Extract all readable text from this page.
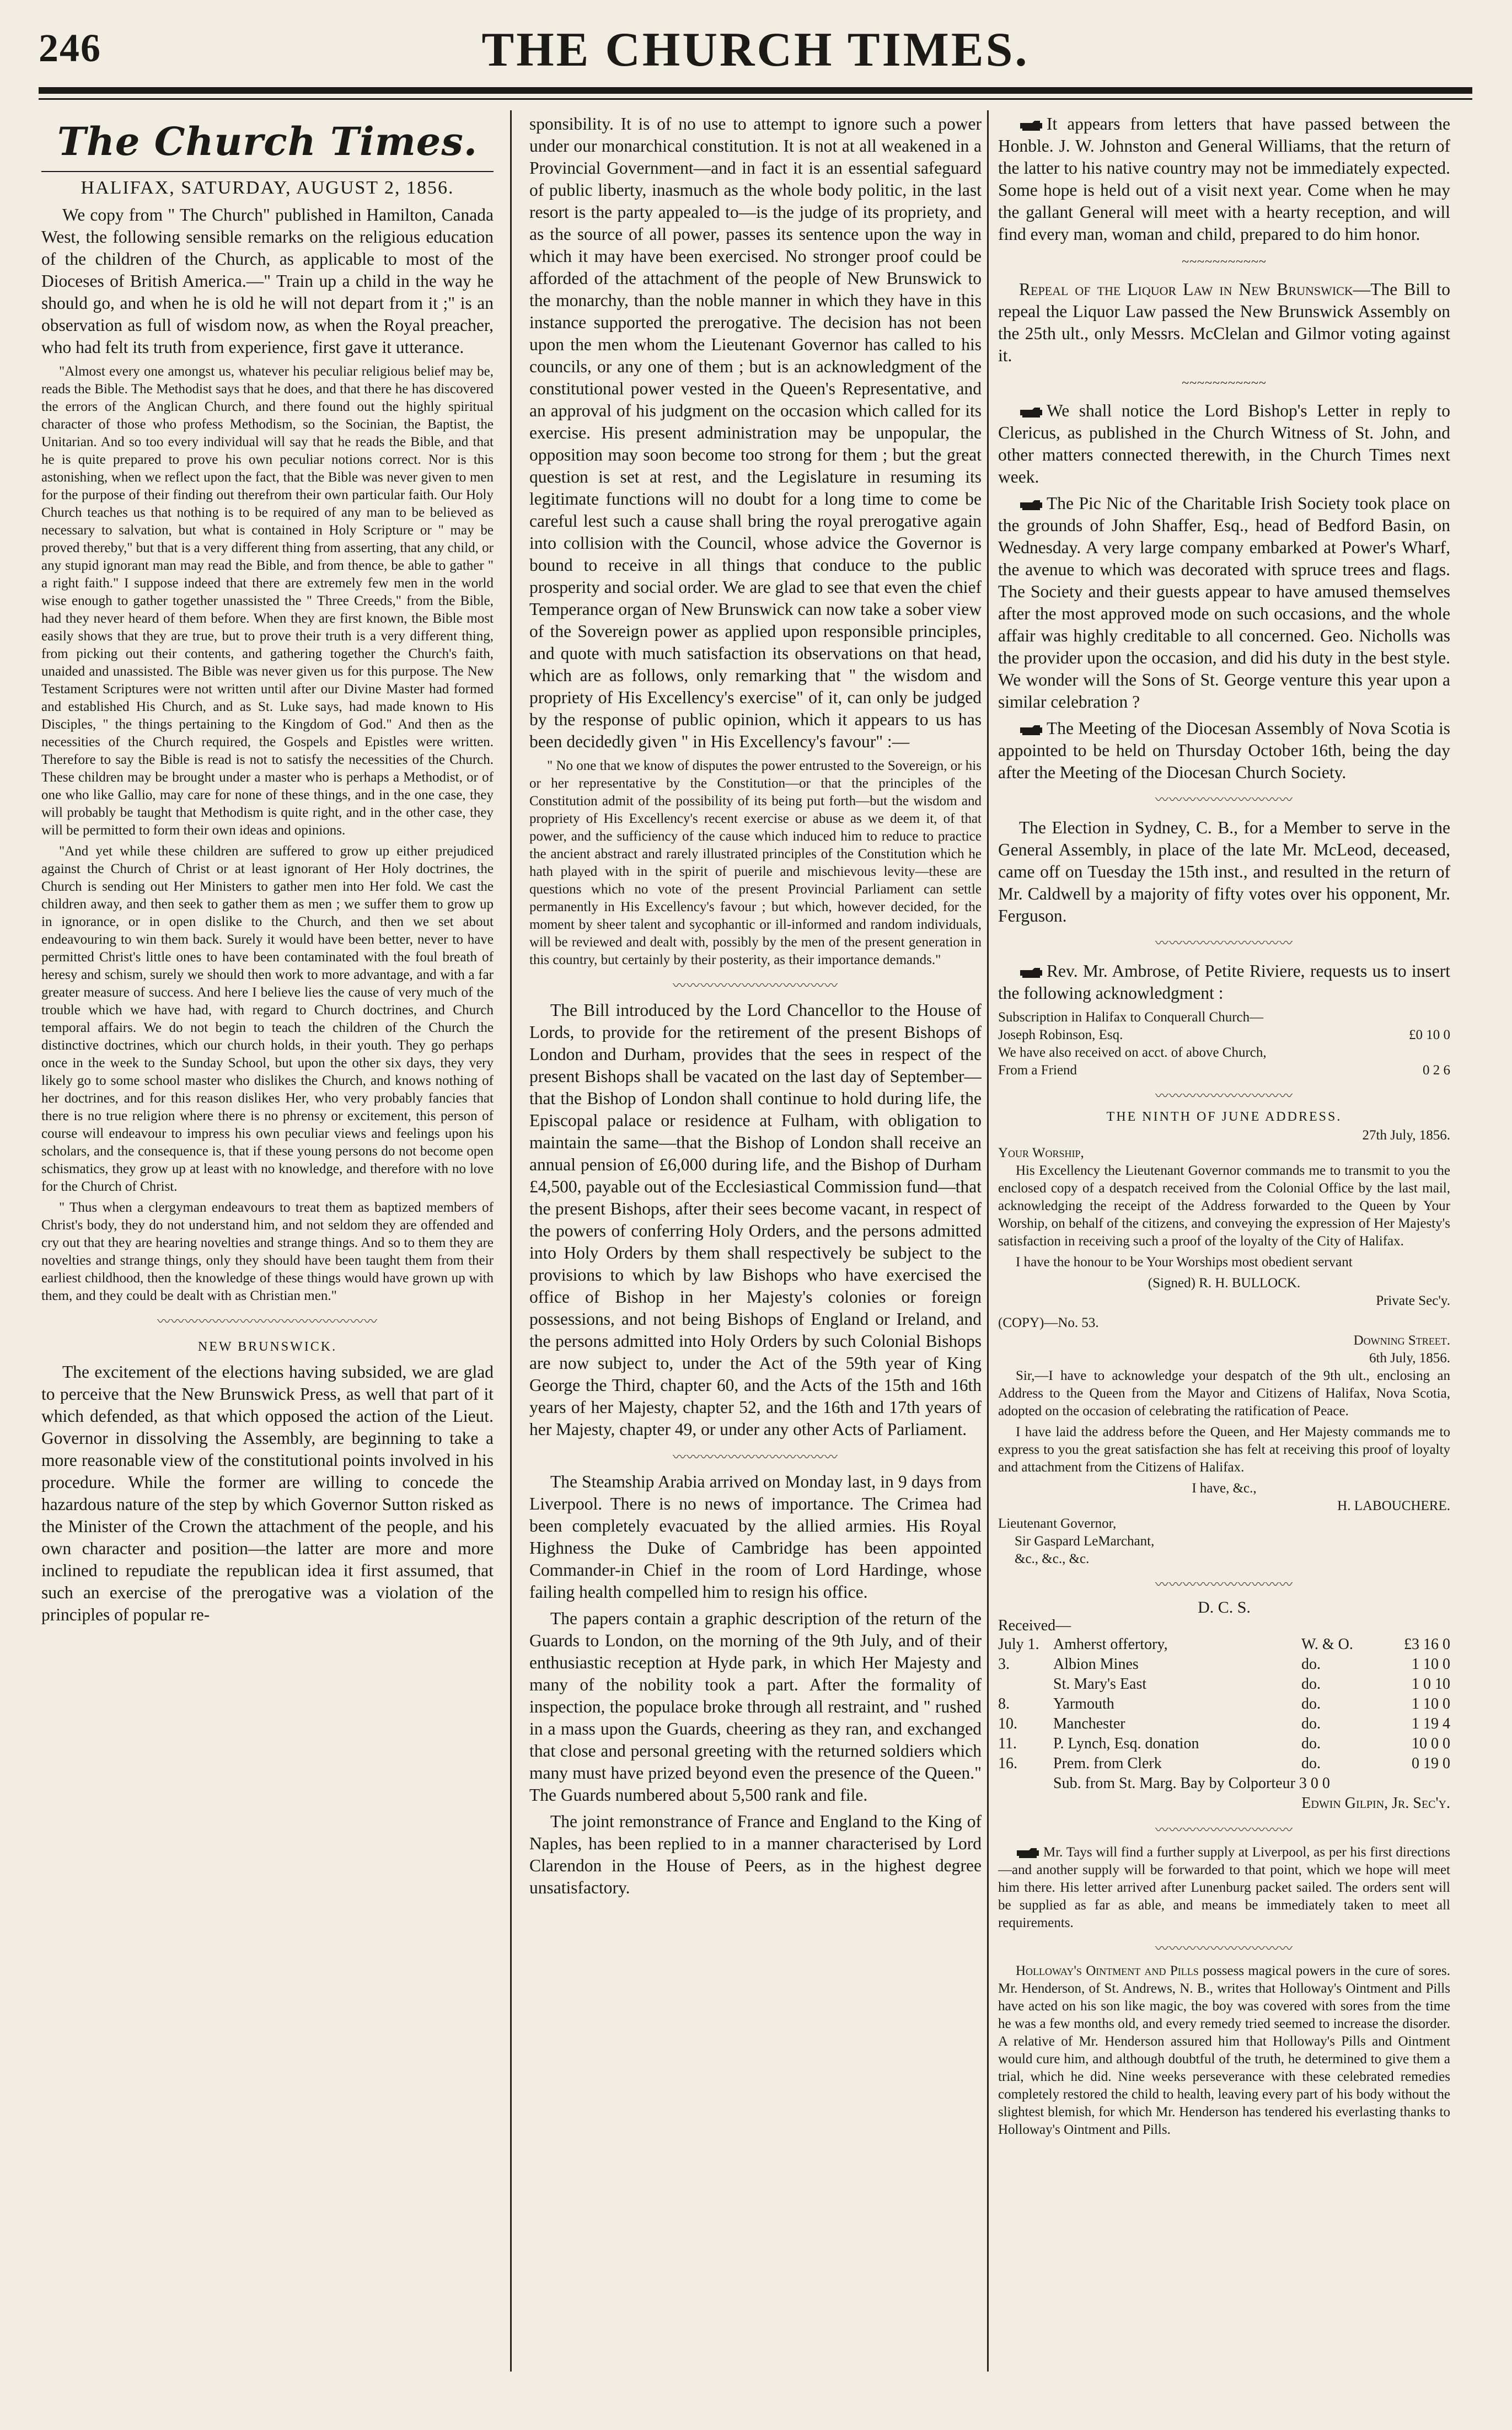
246	THE CHURCH TIMES.
The Church Times.
HALIFAX, SATURDAY, AUGUST 2, 1856.

We copy from " The Church" published in Hamilton, Canada West, the following sensible remarks on the religious education of the children of the Church, as applicable to most of the Dioceses of British America.—" Train up a child in the way he should go, and when he is old he will not depart from it ;" is an observation as full of wisdom now, as when the Royal preacher, who had felt its truth from experience, first gave it utterance.

"Almost every one amongst us, whatever his peculiar religious belief may be, reads the Bible. The Methodist says that he does, and that there he has discovered the errors of the Anglican Church, and there found out the highly spiritual character of those who profess Methodism, so the Socinian, the Baptist, the Unitarian. And so too every individual will say that he reads the Bible, and that he is quite prepared to prove his own peculiar notions correct. Nor is this astonishing, when we reflect upon the fact, that the Bible was never given to men for the purpose of their finding out therefrom their own particular faith. Our Holy Church teaches us that nothing is to be required of any man to be believed as necessary to salvation, but what is contained in Holy Scripture or " may be proved thereby," but that is a very different thing from asserting, that any child, or any stupid ignorant man may read the Bible, and from thence, be able to gather " a right faith." I suppose indeed that there are extremely few men in the world wise enough to gather together unassisted the " Three Creeds," from the Bible, had they never heard of them before. When they are first known, the Bible most easily shows that they are true, but to prove their truth is a very different thing, from picking out their contents, and gathering together the Church's faith, unaided and unassisted. The Bible was never given us for this purpose. The New Testament Scriptures were not written until after our Divine Master had formed and established His Church, and as St. Luke says, had made known to His Disciples, " the things pertaining to the Kingdom of God." And then as the necessities of the Church required, the Gospels and Epistles were written. Therefore to say the Bible is read is not to satisfy the necessities of the Church. These children may be brought under a master who is perhaps a Methodist, or of one who like Gallio, may care for none of these things, and in the one case, they will probably be taught that Methodism is quite right, and in the other case, they will be permitted to form their own ideas and opinions.

"And yet while these children are suffered to grow up either prejudiced against the Church of Christ or at least ignorant of Her Holy doctrines, the Church is sending out Her Ministers to gather men into Her fold. We cast the children away, and then seek to gather them as men ; we suffer them to grow up in ignorance, or in open dislike to the Church, and then we set about endeavouring to win them back. Surely it would have been better, never to have permitted Christ's little ones to have been contaminated with the foul breath of heresy and schism, surely we should then work to more advantage, and with a far greater measure of success. And here I believe lies the cause of very much of the trouble which we have had, with regard to Church doctrines, and Church temporal affairs. We do not begin to teach the children of the Church the distinctive doctrines, which our church holds, in their youth. They go perhaps once in the week to the Sunday School, but upon the other six days, they very likely go to some school master who dislikes the Church, and knows nothing of her doctrines, and for this reason dislikes Her, who very probably fancies that there is no true religion where there is no phrensy or excitement, this person of course will endeavour to impress his own peculiar views and feelings upon his scholars, and the consequence is, that if these young persons do not become open schismatics, they grow up at least with no knowledge, and therefore with no love for the Church of Christ.

" Thus when a clergyman endeavours to treat them as baptized members of Christ's body, they do not understand him, and not seldom they are offended and cry out that they are hearing novelties and strange things. And so to them they are novelties and strange things, only they should have been taught them from their earliest childhood, then the knowledge of these things would have grown up with them, and they could be dealt with as Christian men."

〰〰〰〰〰〰〰〰〰〰〰〰〰〰〰〰
NEW BRUNSWICK.

The excitement of the elections having subsided, we are glad to perceive that the New Brunswick Press, as well that part of it which defended, as that which opposed the action of the Lieut. Governor in dissolving the Assembly, are beginning to take a more reasonable view of the constitutional points involved in his procedure. While the former are willing to concede the hazardous nature of the step by which Governor Sutton risked as the Minister of the Crown the attachment of the people, and his own character and position—the latter are more and more inclined to repudiate the republican idea it first assumed, that such an exercise of the prerogative was a violation of the principles of popular re-

sponsibility. It is of no use to attempt to ignore such a power under our monarchical constitution. It is not at all weakened in a Provincial Government—and in fact it is an essential safeguard of public liberty, inasmuch as the whole body politic, in the last resort is the party appealed to—is the judge of its propriety, and as the source of all power, passes its sentence upon the way in which it may have been exercised. No stronger proof could be afforded of the attachment of the people of New Brunswick to the monarchy, than the noble manner in which they have in this instance supported the prerogative. The decision has not been upon the men whom the Lieutenant Governor has called to his councils, or any one of them ; but is an acknowledgment of the constitutional power vested in the Queen's Representative, and an approval of his judgment on the occasion which called for its exercise. His present administration may be unpopular, the opposition may soon become too strong for them ; but the great question is set at rest, and the Legislature in resuming its legitimate functions will no doubt for a long time to come be careful lest such a cause shall bring the royal prerogative again into collision with the Council, whose advice the Governor is bound to receive in all things that conduce to the public prosperity and social order. We are glad to see that even the chief Temperance organ of New Brunswick can now take a sober view of the Sovereign power as applied upon responsible principles, and quote with much satisfaction its observations on that head, which are as follows, only remarking that " the wisdom and propriety of His Excellency's exercise" of it, can only be judged by the response of public opinion, which it appears to us has been decidedly given " in His Excellency's favour" :—

" No one that we know of disputes the power entrusted to the Sovereign, or his or her representative by the Constitution—or that the principles of the Constitution admit of the possibility of its being put forth—but the wisdom and propriety of His Excellency's recent exercise or abuse as we deem it, of that power, and the sufficiency of the cause which induced him to reduce to practice the ancient abstract and rarely illustrated principles of the Constitution which he hath played with in the spirit of puerile and mischievous levity—these are questions which no vote of the present Provincial Parliament can settle permanently in His Excellency's favour ; but which, however decided, for the moment by sheer talent and sycophantic or ill-informed and random individuals, will be reviewed and dealt with, possibly by the men of the present generation in this country, but certainly by their posterity, as their importance demands."

〰〰〰〰〰〰〰〰〰〰〰〰

The Bill introduced by the Lord Chancellor to the House of Lords, to provide for the retirement of the present Bishops of London and Durham, provides that the sees in respect of the present Bishops shall be vacated on the last day of September—that the Bishop of London shall continue to hold during life, the Episcopal palace or residence at Fulham, with obligation to maintain the same—that the Bishop of London shall receive an annual pension of £6,000 during life, and the Bishop of Durham £4,500, payable out of the Ecclesiastical Commission fund—that the present Bishops, after their sees become vacant, in respect of the powers of conferring Holy Orders, and the persons admitted into Holy Orders by them shall respectively be subject to the provisions to which by law Bishops who have exercised the office of Bishop in her Majesty's colonies or foreign possessions, and not being Bishops of England or Ireland, and the persons admitted into Holy Orders by such Colonial Bishops are now subject to, under the Act of the 59th year of King George the Third, chapter 60, and the Acts of the 15th and 16th years of her Majesty, chapter 52, and the 16th and 17th years of her Majesty, chapter 49, or under any other Acts of Parliament.

〰〰〰〰〰〰〰〰〰〰〰〰

The Steamship Arabia arrived on Monday last, in 9 days from Liverpool. There is no news of importance. The Crimea had been completely evacuated by the allied armies. His Royal Highness the Duke of Cambridge has been appointed Commander-in Chief in the room of Lord Hardinge, whose failing health compelled him to resign his office.

The papers contain a graphic description of the return of the Guards to London, on the morning of the 9th July, and of their enthusiastic reception at Hyde park, in which Her Majesty and many of the nobility took a part. After the formality of inspection, the populace broke through all restraint, and " rushed in a mass upon the Guards, cheering as they ran, and exchanged that close and personal greeting with the returned soldiers which many must have prized beyond even the presence of the Queen." The Guards numbered about 5,500 rank and file.

The joint remonstrance of France and England to the King of Naples, has been replied to in a manner characterised by Lord Clarendon in the House of Peers, as in the highest degree unsatisfactory.

It appears from letters that have passed between the Honble. J. W. Johnston and General Williams, that the return of the latter to his native country may not be immediately expected. Some hope is held out of a visit next year. Come when he may the gallant General will meet with a hearty reception, and will find every man, woman and child, prepared to do him honor.

~~~~~~~~~~~

Repeal of the Liquor Law in New Brunswick—The Bill to repeal the Liquor Law passed the New Brunswick Assembly on the 25th ult., only Messrs. McClelan and Gilmor voting against it.

~~~~~~~~~~~

We shall notice the Lord Bishop's Letter in reply to Clericus, as published in the Church Witness of St. John, and other matters connected therewith, in the Church Times next week.

The Pic Nic of the Charitable Irish Society took place on the grounds of John Shaffer, Esq., head of Bedford Basin, on Wednesday. A very large company embarked at Power's Wharf, the avenue to which was decorated with spruce trees and flags. The Society and their guests appear to have amused themselves after the most approved mode on such occasions, and the whole affair was highly creditable to all concerned. Geo. Nicholls was the provider upon the occasion, and did his duty in the best style. We wonder will the Sons of St. George venture this year upon a similar celebration ?

The Meeting of the Diocesan Assembly of Nova Scotia is appointed to be held on Thursday October 16th, being the day after the Meeting of the Diocesan Church Society.

〰〰〰〰〰〰〰〰〰〰

The Election in Sydney, C. B., for a Member to serve in the General Assembly, in place of the late Mr. McLeod, deceased, came off on Tuesday the 15th inst., and resulted in the return of Mr. Caldwell by a majority of fifty votes over his opponent, Mr. Ferguson.

〰〰〰〰〰〰〰〰〰〰

Rev. Mr. Ambrose, of Petite Riviere, requests us to insert the following acknowledgment :

Subscription in Halifax to Conquerall Church—
Joseph Robinson, Esq.	£0 10 0
We have also received on acct. of above Church,
From a Friend	0 2 6
〰〰〰〰〰〰〰〰〰〰
THE NINTH OF JUNE ADDRESS.
27th July, 1856.
Your Worship,

His Excellency the Lieutenant Governor commands me to transmit to you the enclosed copy of a despatch received from the Colonial Office by the last mail, acknowledging the receipt of the Address forwarded to the Queen by Your Worship, on behalf of the citizens, and conveying the expression of Her Majesty's satisfaction in receiving such a proof of the loyalty of the City of Halifax.

I have the honour to be Your Worships most obedient servant

(Signed) R. H. BULLOCK.
Private Sec'y.
(COPY)—No. 53.
Downing Street.
6th July, 1856.

Sir,—I have to acknowledge your despatch of the 9th ult., enclosing an Address to the Queen from the Mayor and Citizens of Halifax, Nova Scotia, adopted on the occasion of celebrating the ratification of Peace.

I have laid the address before the Queen, and Her Majesty commands me to express to you the great satisfaction she has felt at receiving this proof of loyalty and attachment from the Citizens of Halifax.

I have, &c.,
H. LABOUCHERE.
Lieutenant Governor,
Sir Gaspard LeMarchant,
&c., &c., &c.
〰〰〰〰〰〰〰〰〰〰
D. C. S.
Received—
July 1. Amherst offertory,	W. & O.	£3 16 0
3.	Albion Mines	do.	1 10 0
St. Mary's East	do.	1 0 10
8.	Yarmouth	do.	1 10 0
10.	Manchester	do.	1 19 4
11.	P. Lynch, Esq. donation	do.	10 0 0
16.	Prem. from Clerk	do.	0 19 0
Sub. from St. Marg. Bay by Colporteur 3 0 0
Edwin Gilpin, Jr. Sec'y.
〰〰〰〰〰〰〰〰〰〰

Mr. Tays will find a further supply at Liverpool, as per his first directions—and another supply will be forwarded to that point, which we hope will meet him there. His letter arrived after Lunenburg packet sailed. The orders sent will be supplied as far as able, and means be immediately taken to meet all requirements.

〰〰〰〰〰〰〰〰〰〰

Holloway's Ointment and Pills possess magical powers in the cure of sores. Mr. Henderson, of St. Andrews, N. B., writes that Holloway's Ointment and Pills have acted on his son like magic, the boy was covered with sores from the time he was a few months old, and every remedy tried seemed to increase the disorder. A relative of Mr. Henderson assured him that Holloway's Pills and Ointment would cure him, and although doubtful of the truth, he determined to give them a trial, which he did. Nine weeks perseverance with these celebrated remedies completely restored the child to health, leaving every part of his body without the slightest blemish, for which Mr. Henderson has tendered his everlasting thanks to Holloway's Ointment and Pills.
